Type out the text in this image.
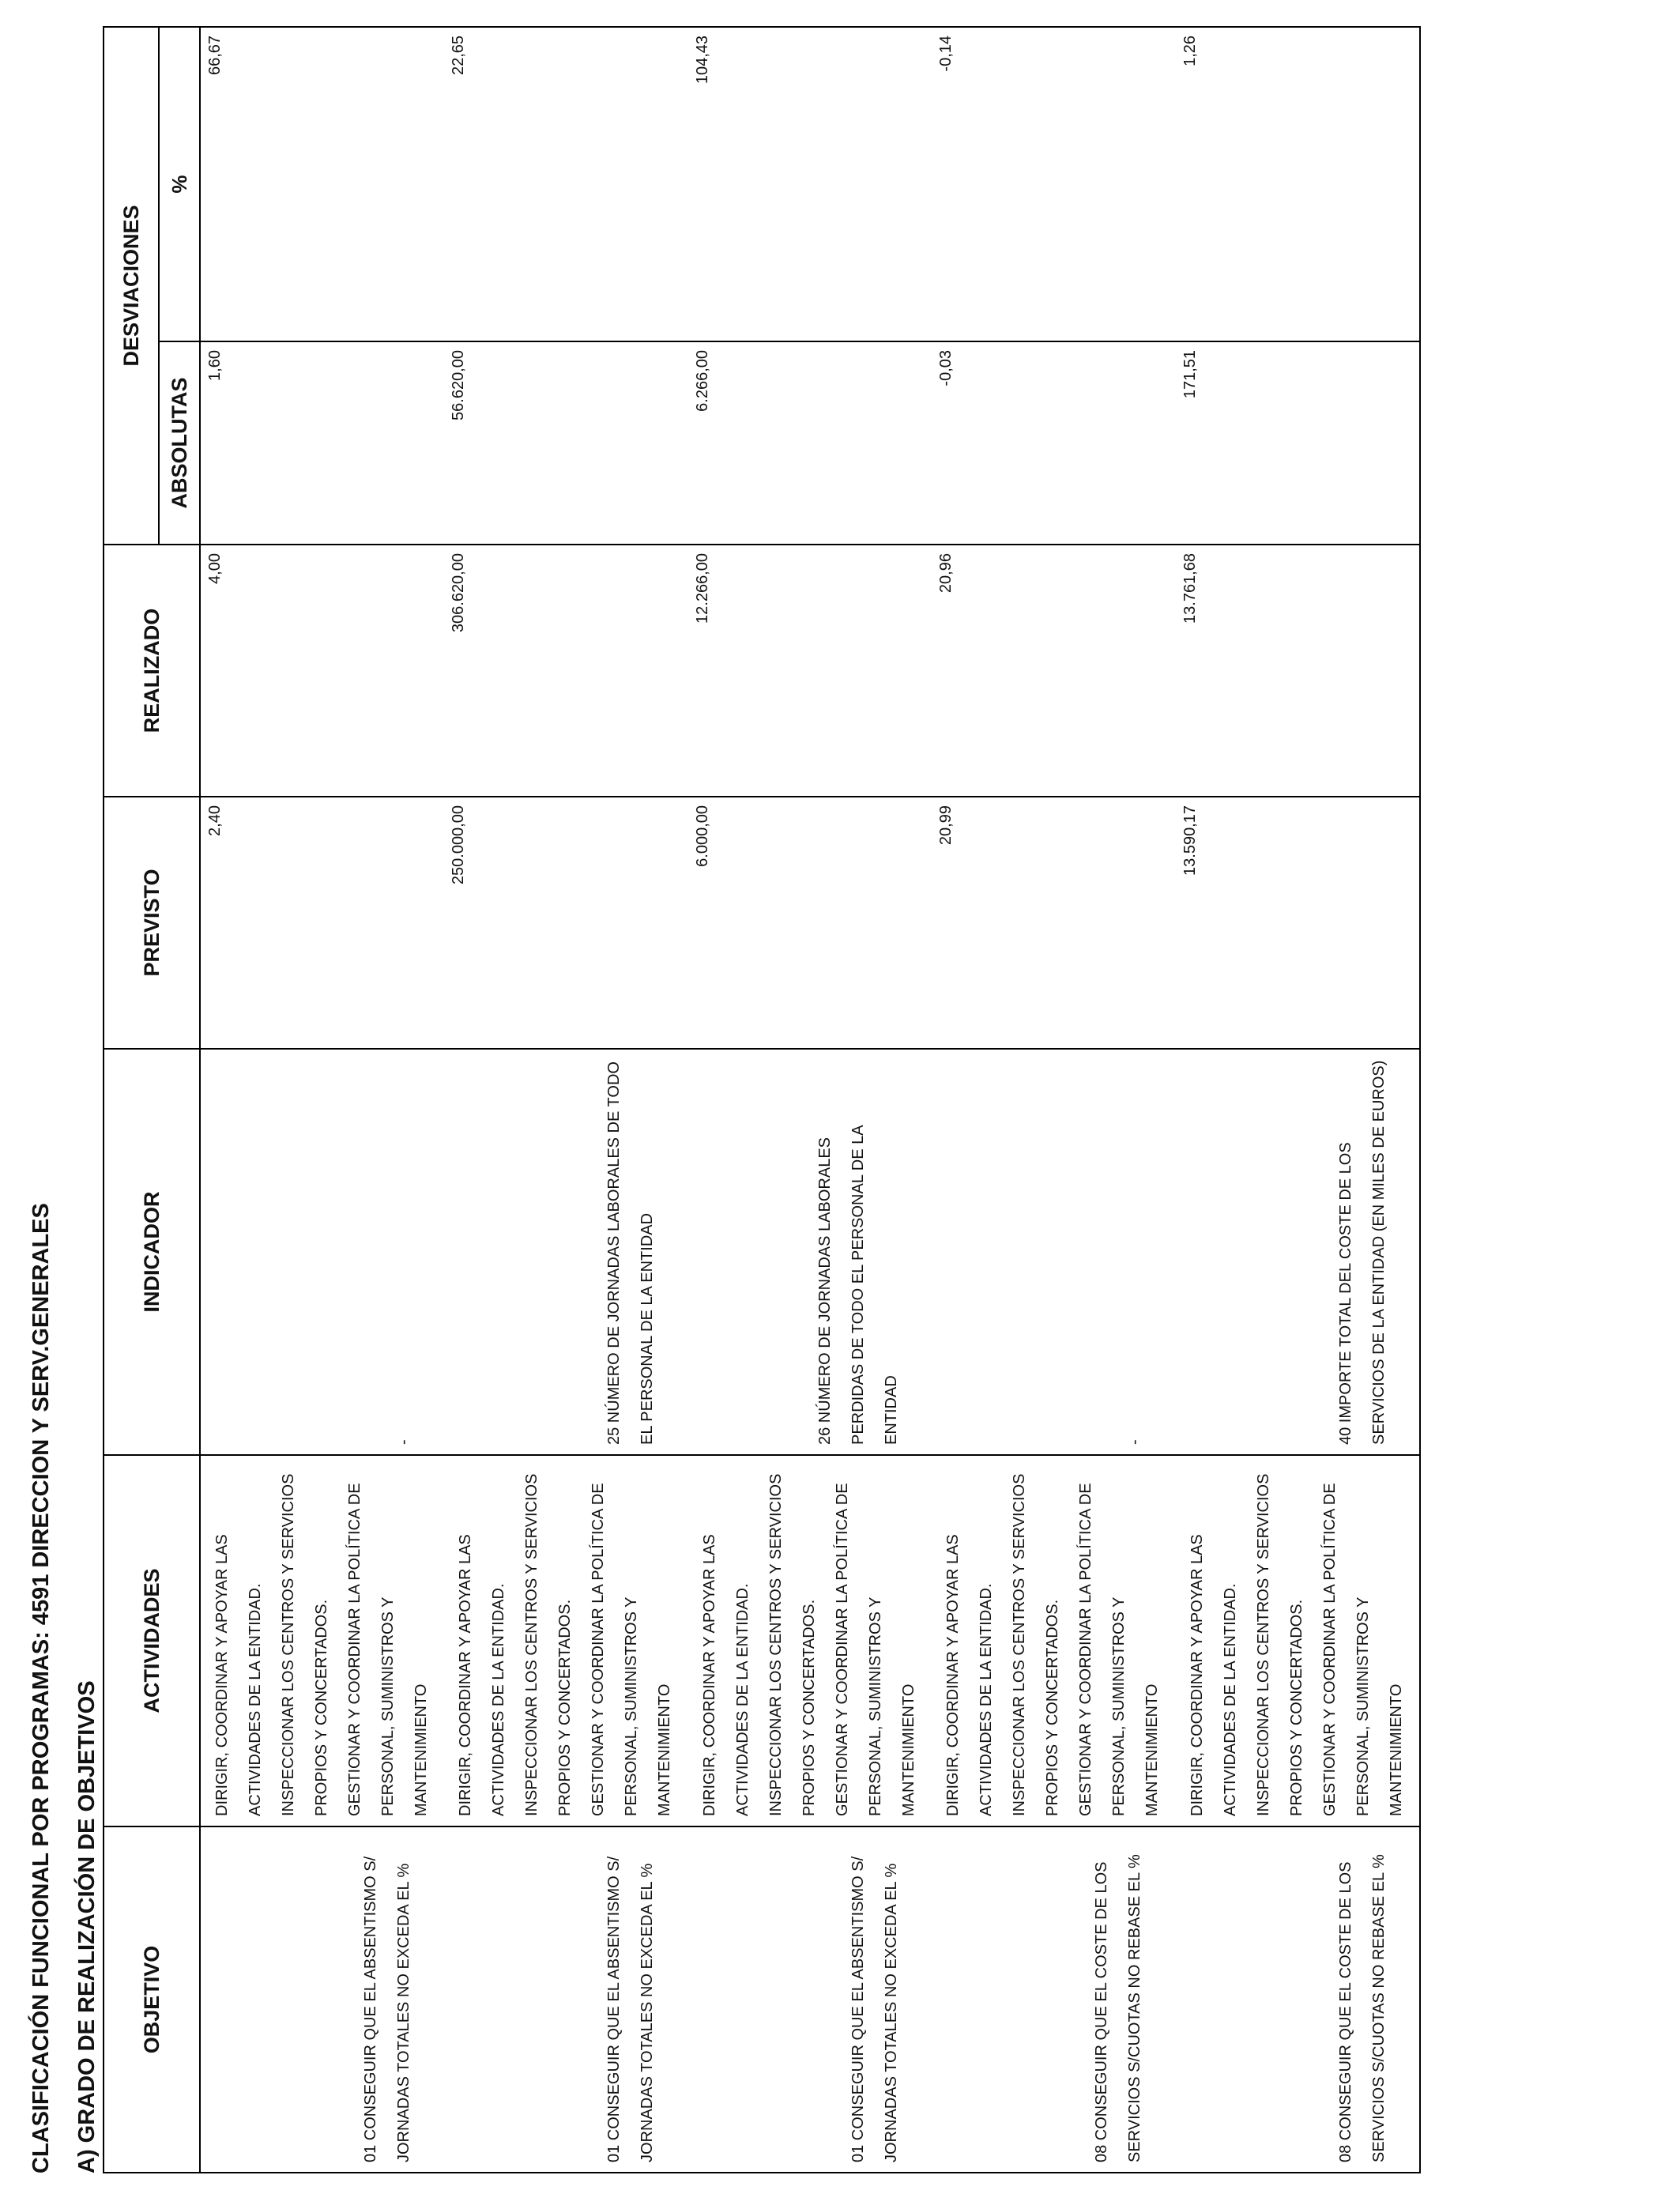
CLASIFICACIÓN FUNCIONAL POR PROGRAMAS: 4591 DIRECCION Y SERV.GENERALES A) GRADO DE REALIZACIÓN DE OBJETIVOS OBJETIVO	ACTIVIDADES	INDICADOR	PREVISTO	REALIZADO	DESVIACIONES	
					ABSOLUTAS	%

01 CONSEGUIR QUE EL ABSENTISMO S/ JORNADAS TOTALES NO EXCEDA EL %	DIRIGIR, COORDINAR Y APOYAR LAS ACTIVIDADES DE LA ENTIDAD. INSPECCIONAR LOS CENTROS Y SERVICIOS PROPIOS Y CONCERTADOS. GESTIONAR Y COORDINAR LA POLÍTICA DE PERSONAL, SUMINISTROS Y MANTENIMIENTO	-	2,40	4,00	1,60	66,67

01 CONSEGUIR QUE EL ABSENTISMO S/ JORNADAS TOTALES NO EXCEDA EL %	DIRIGIR, COORDINAR Y APOYAR LAS ACTIVIDADES DE LA ENTIDAD. INSPECCIONAR LOS CENTROS Y SERVICIOS PROPIOS Y CONCERTADOS. GESTIONAR Y COORDINAR LA POLÍTICA DE PERSONAL, SUMINISTROS Y MANTENIMIENTO	25 NÚMERO DE JORNADAS LABORALES DE TODO EL PERSONAL DE LA ENTIDAD	250.000,00	306.620,00	56.620,00	22,65

01 CONSEGUIR QUE EL ABSENTISMO S/ JORNADAS TOTALES NO EXCEDA EL %	DIRIGIR, COORDINAR Y APOYAR LAS ACTIVIDADES DE LA ENTIDAD. INSPECCIONAR LOS CENTROS Y SERVICIOS PROPIOS Y CONCERTADOS. GESTIONAR Y COORDINAR LA POLÍTICA DE PERSONAL, SUMINISTROS Y MANTENIMIENTO	26 NÚMERO DE JORNADAS LABORALES PERDIDAS DE TODO EL PERSONAL DE LA ENTIDAD	6.000,00	12.266,00	6.266,00	104,43

08 CONSEGUIR QUE EL COSTE DE LOS SERVICIOS S/CUOTAS NO REBASE EL %	DIRIGIR, COORDINAR Y APOYAR LAS ACTIVIDADES DE LA ENTIDAD. INSPECCIONAR LOS CENTROS Y SERVICIOS PROPIOS Y CONCERTADOS. GESTIONAR Y COORDINAR LA POLÍTICA DE PERSONAL, SUMINISTROS Y MANTENIMIENTO	-	20,99	20,96	-0,03	-0,14

08 CONSEGUIR QUE EL COSTE DE LOS SERVICIOS S/CUOTAS NO REBASE EL %	DIRIGIR, COORDINAR Y APOYAR LAS ACTIVIDADES DE LA ENTIDAD. INSPECCIONAR LOS CENTROS Y SERVICIOS PROPIOS Y CONCERTADOS. GESTIONAR Y COORDINAR LA POLÍTICA DE PERSONAL, SUMINISTROS Y MANTENIMIENTO	40 IMPORTE TOTAL DEL COSTE DE LOS SERVICIOS DE LA ENTIDAD (EN MILES DE EUROS)	13.590,17	13.761,68	171,51	1,26
